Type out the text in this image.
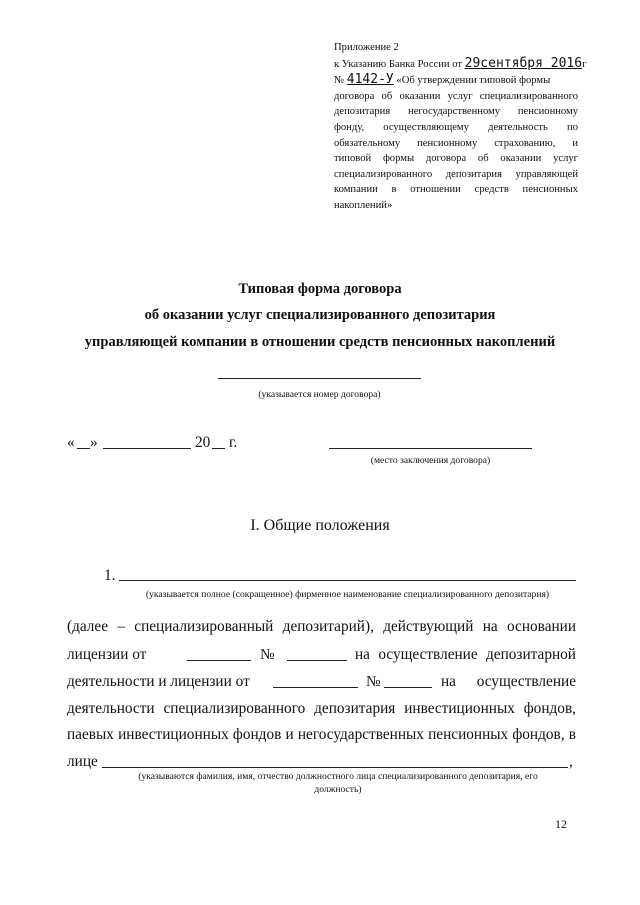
Приложение 2
к Указанию Банка России от 29сентября 2016г
№ 4142-У «Об утверждении типовой формы
договора об оказании услуг специализированного
депозитария негосударственному пенсионному
фонду, осуществляющему деятельность по
обязательному пенсионному страхованию, и
типовой формы договора об оказании услуг
специализированного депозитария управляющей
компании в отношении средств пенсионных
накоплений»
Типовая форма договора
об оказании услуг специализированного депозитария
управляющей компании в отношении средств пенсионных накоплений
(указывается номер договора)
« »	20 г.
(место заключения договора)
I. Общие положения
1.
(указывается полное (сокращенное) фирменное наименование специализированного депозитария)
(далее – специализированный депозитарий), действующий на основании
лицензии от	№	на осуществление депозитарной
деятельности и лицензии от	№	на осуществление
деятельности специализированного депозитария инвестиционных фондов,
паевых инвестиционных фондов и негосударственных пенсионных фондов, в
лице	,
(указываются фамилия, имя, отчество должностного лица специализированного депозитария, его
должность)
12
